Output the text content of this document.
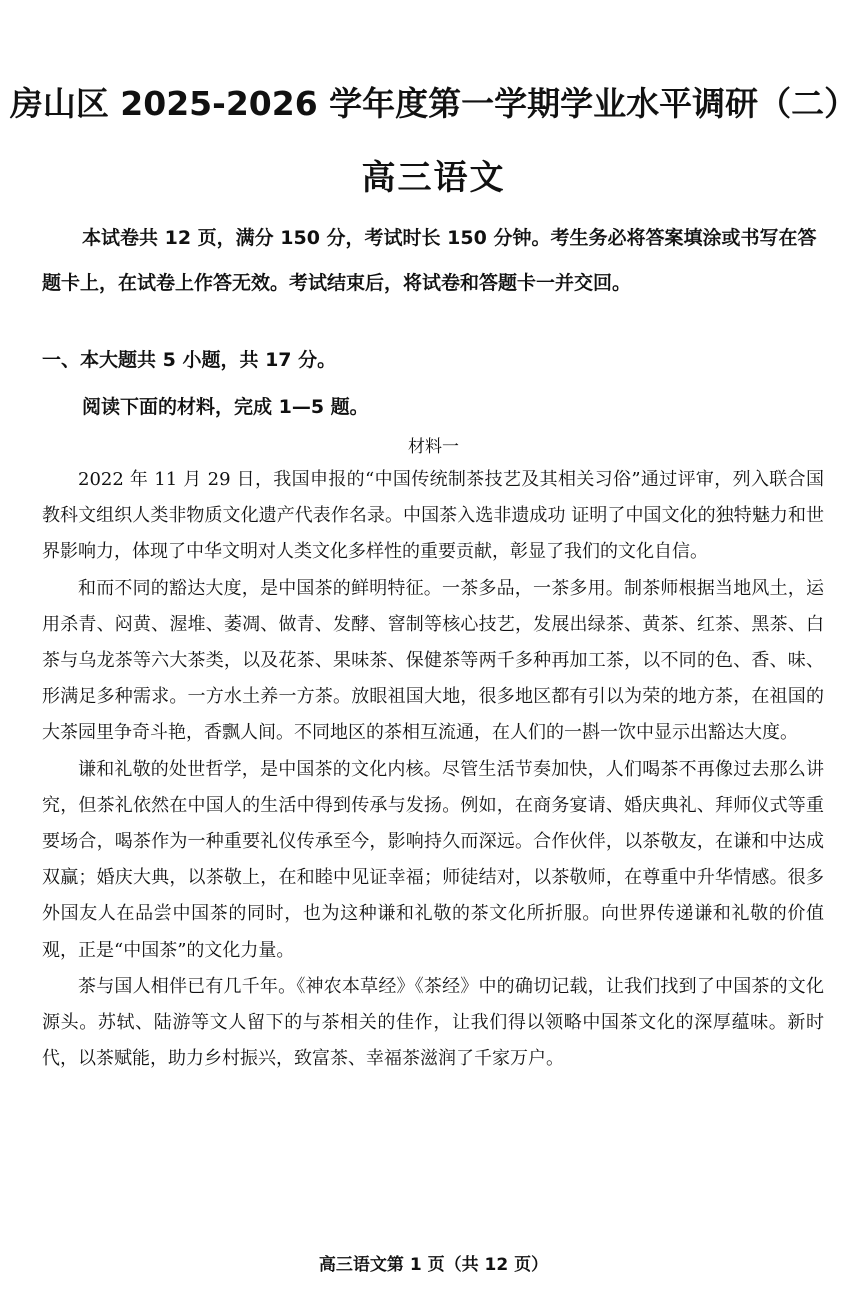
房山区 2025-2026 学年度第一学期学业水平调研（二）
高三语文
本试卷共 12 页，满分 150 分，考试时长 150 分钟。考生务必将答案填涂或书写在答题卡上，在试卷上作答无效。考试结束后，将试卷和答题卡一并交回。
一、本大题共 5 小题，共 17 分。
阅读下面的材料，完成 1—5 题。
材料一

2022 年 11 月 29 日，我国申报的“中国传统制茶技艺及其相关习俗”通过评审，列入联合国教科文组织人类非物质文化遗产代表作名录。中国茶入选非遗成功 证明了中国文化的独特魅力和世界影响力，体现了中华文明对人类文化多样性的重要贡献，彰显了我们的文化自信。

和而不同的豁达大度，是中国茶的鲜明特征。一茶多品，一茶多用。制茶师根据当地风土，运用杀青、闷黄、渥堆、萎凋、做青、发酵、窨制等核心技艺，发展出绿茶、黄茶、红茶、黑茶、白茶与乌龙茶等六大茶类，以及花茶、果味茶、保健茶等两千多种再加工茶，以不同的色、香、味、形满足多种需求。一方水土养一方茶。放眼祖国大地，很多地区都有引以为荣的地方茶，在祖国的大茶园里争奇斗艳，香飘人间。不同地区的茶相互流通，在人们的一斟一饮中显示出豁达大度。

谦和礼敬的处世哲学，是中国茶的文化内核。尽管生活节奏加快，人们喝茶不再像过去那么讲究，但茶礼依然在中国人的生活中得到传承与发扬。例如，在商务宴请、婚庆典礼、拜师仪式等重要场合，喝茶作为一种重要礼仪传承至今，影响持久而深远。合作伙伴，以茶敬友，在谦和中达成双赢；婚庆大典，以茶敬上，在和睦中见证幸福；师徒结对，以茶敬师，在尊重中升华情感。很多外国友人在品尝中国茶的同时，也为这种谦和礼敬的茶文化所折服。向世界传递谦和礼敬的价值观，正是“中国茶”的文化力量。

茶与国人相伴已有几千年。《神农本草经》《茶经》中的确切记载，让我们找到了中国茶的文化源头。苏轼、陆游等文人留下的与茶相关的佳作，让我们得以领略中国茶文化的深厚蕴味。新时代，以茶赋能，助力乡村振兴，致富茶、幸福茶滋润了千家万户。

高三语文第 1 页（共 12 页）
